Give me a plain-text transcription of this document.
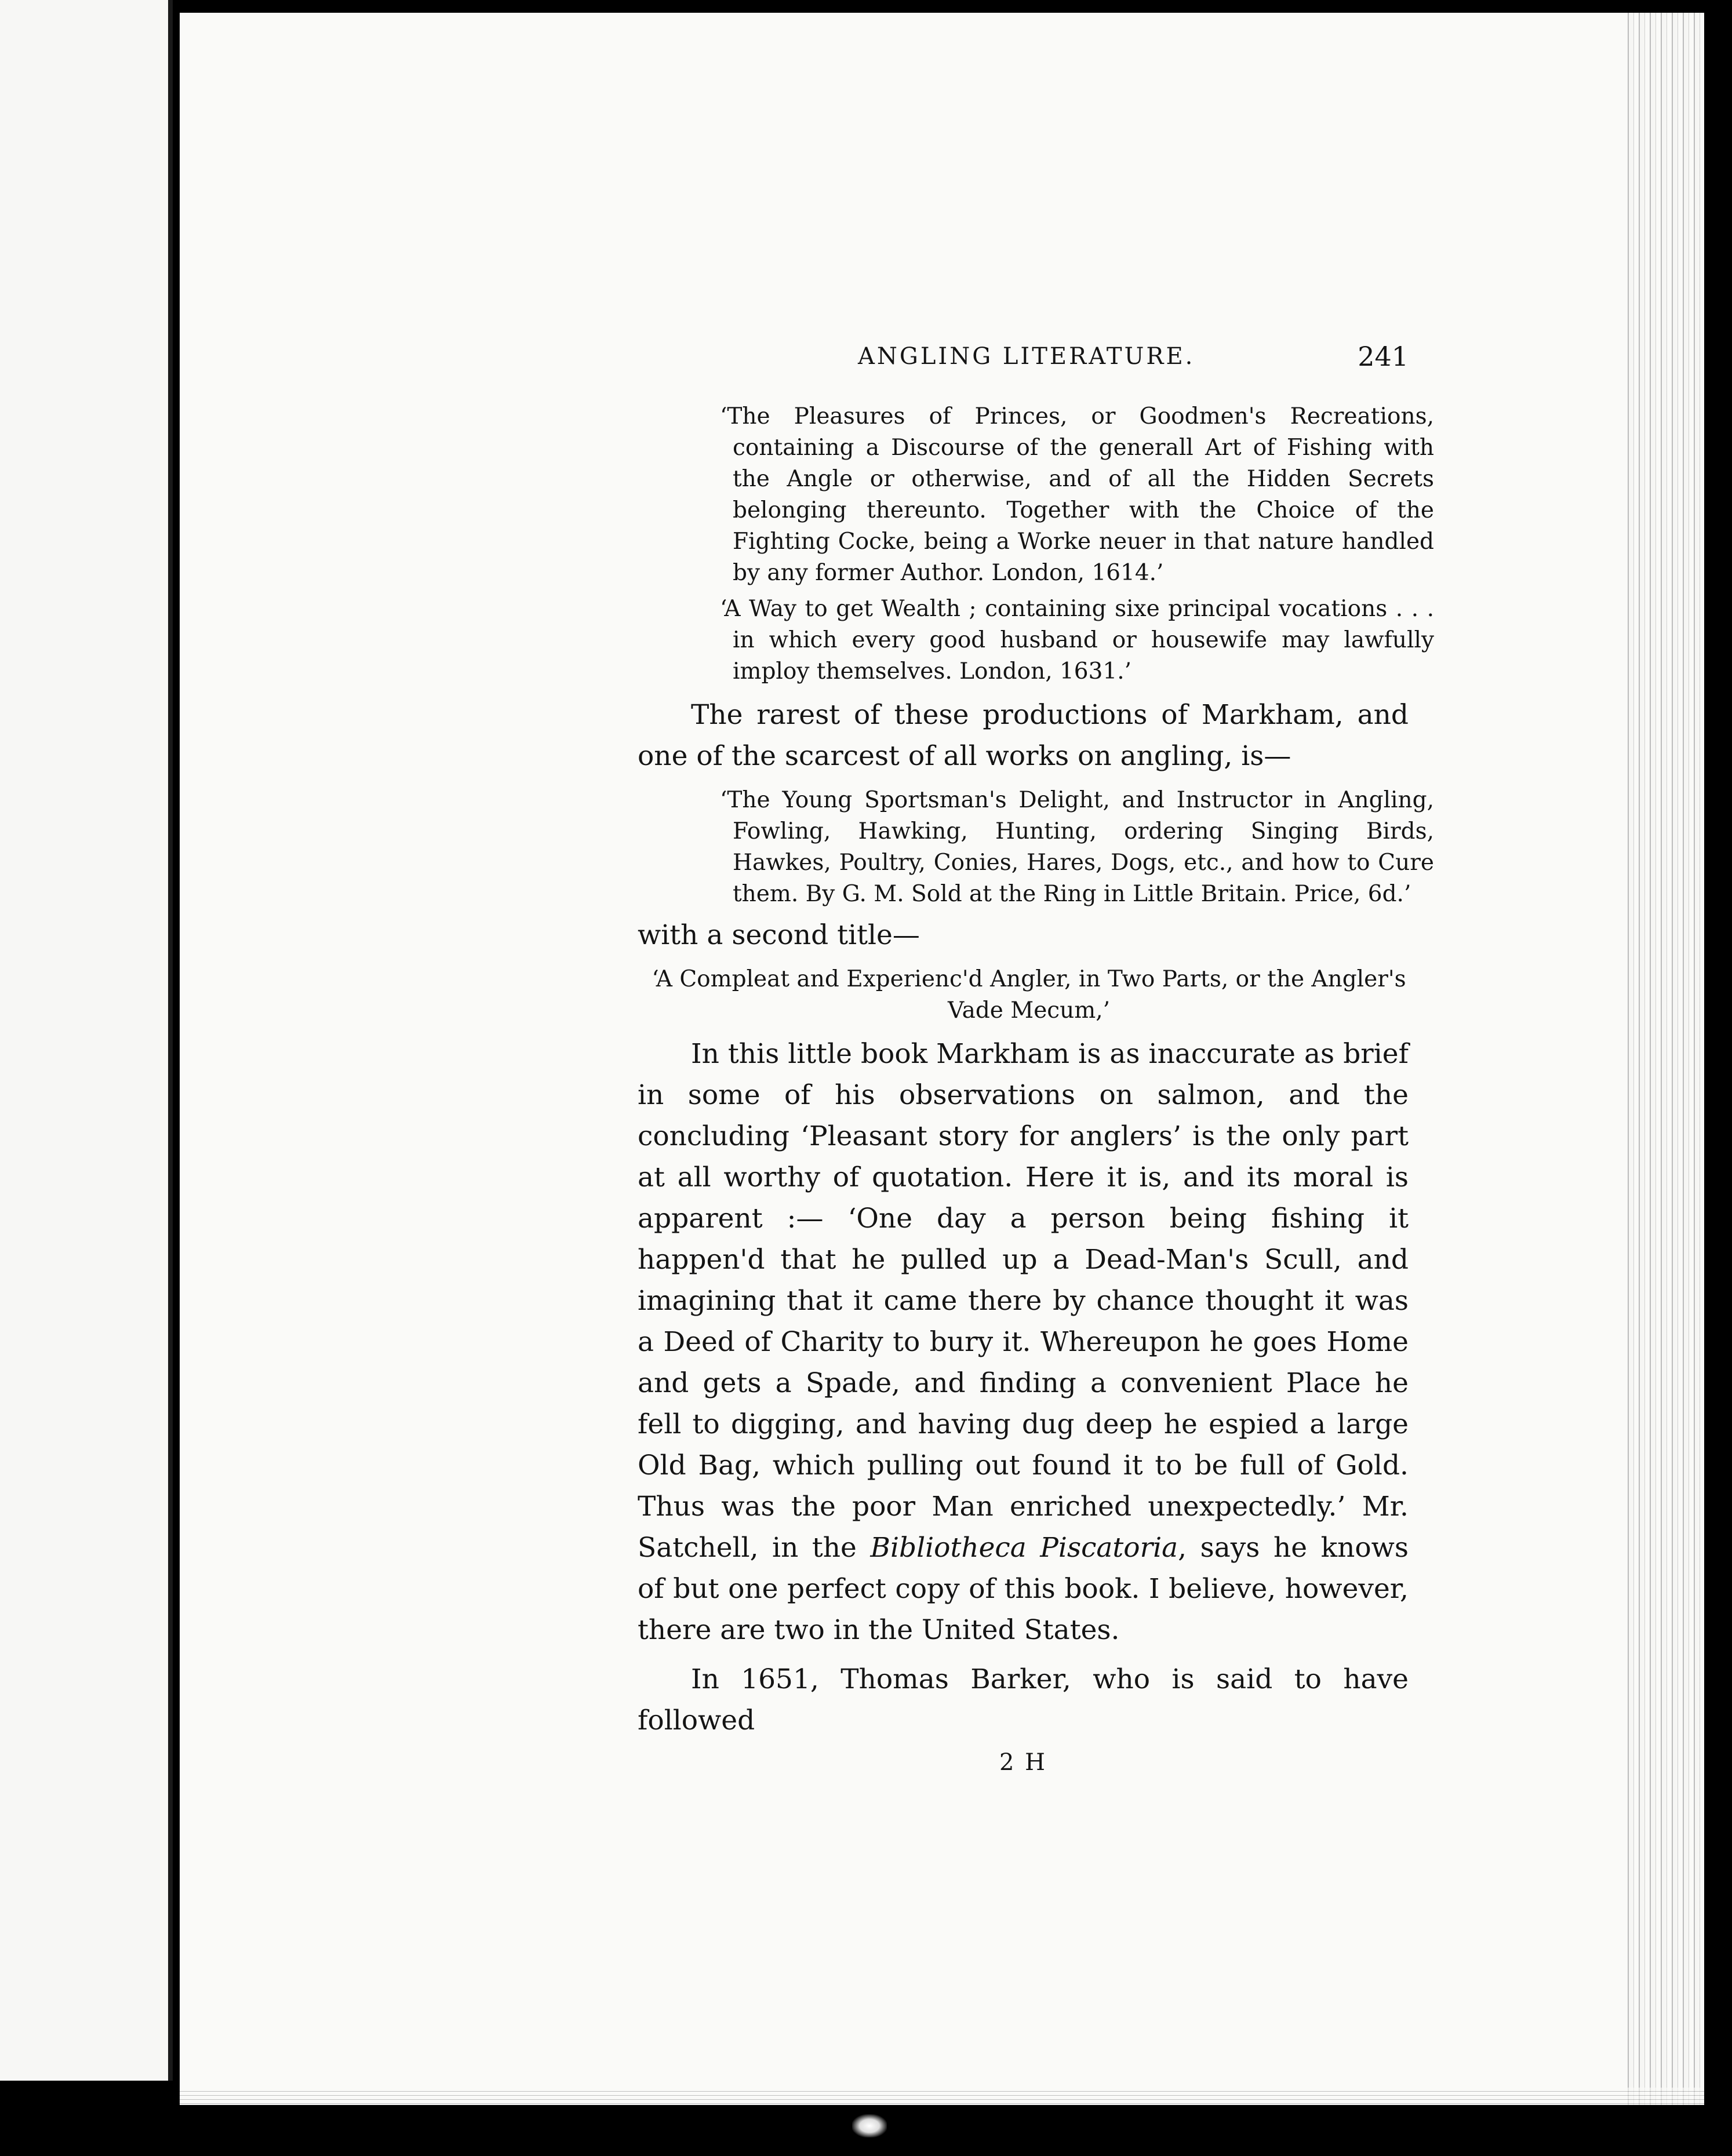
ANGLING LITERATURE.	241

‘The Pleasures of Princes, or Goodmen's Recreations, containing a Discourse of the generall Art of Fishing with the Angle or otherwise, and of all the Hidden Secrets belonging thereunto. Together with the Choice of the Fighting Cocke, being a Worke neuer in that nature handled by any former Author. London, 1614.’

‘A Way to get Wealth ; containing sixe principal vocations . . . in which every good husband or housewife may lawfully imploy themselves. London, 1631.’

The rarest of these productions of Markham, and one of the scarcest of all works on angling, is—

‘The Young Sportsman's Delight, and Instructor in Angling, Fowling, Hawking, Hunting, ordering Singing Birds, Hawkes, Poultry, Conies, Hares, Dogs, etc., and how to Cure them. By G. M. Sold at the Ring in Little Britain. Price, 6d.’

with a second title—

‘A Compleat and Experienc'd Angler, in Two Parts, or the Angler's Vade Mecum,’

In this little book Markham is as inaccurate as brief in some of his observations on salmon, and the concluding ‘Pleasant story for anglers’ is the only part at all worthy of quotation. Here it is, and its moral is apparent :— ‘One day a person being fishing it happen'd that he pulled up a Dead-Man's Scull, and imagining that it came there by chance thought it was a Deed of Charity to bury it. Whereupon he goes Home and gets a Spade, and finding a convenient Place he fell to digging, and having dug deep he espied a large Old Bag, which pulling out found it to be full of Gold. Thus was the poor Man enriched unexpectedly.’ Mr. Satchell, in the Bibliotheca Piscatoria, says he knows of but one perfect copy of this book. I believe, however, there are two in the United States.

In 1651, Thomas Barker, who is said to have followed

2 H
